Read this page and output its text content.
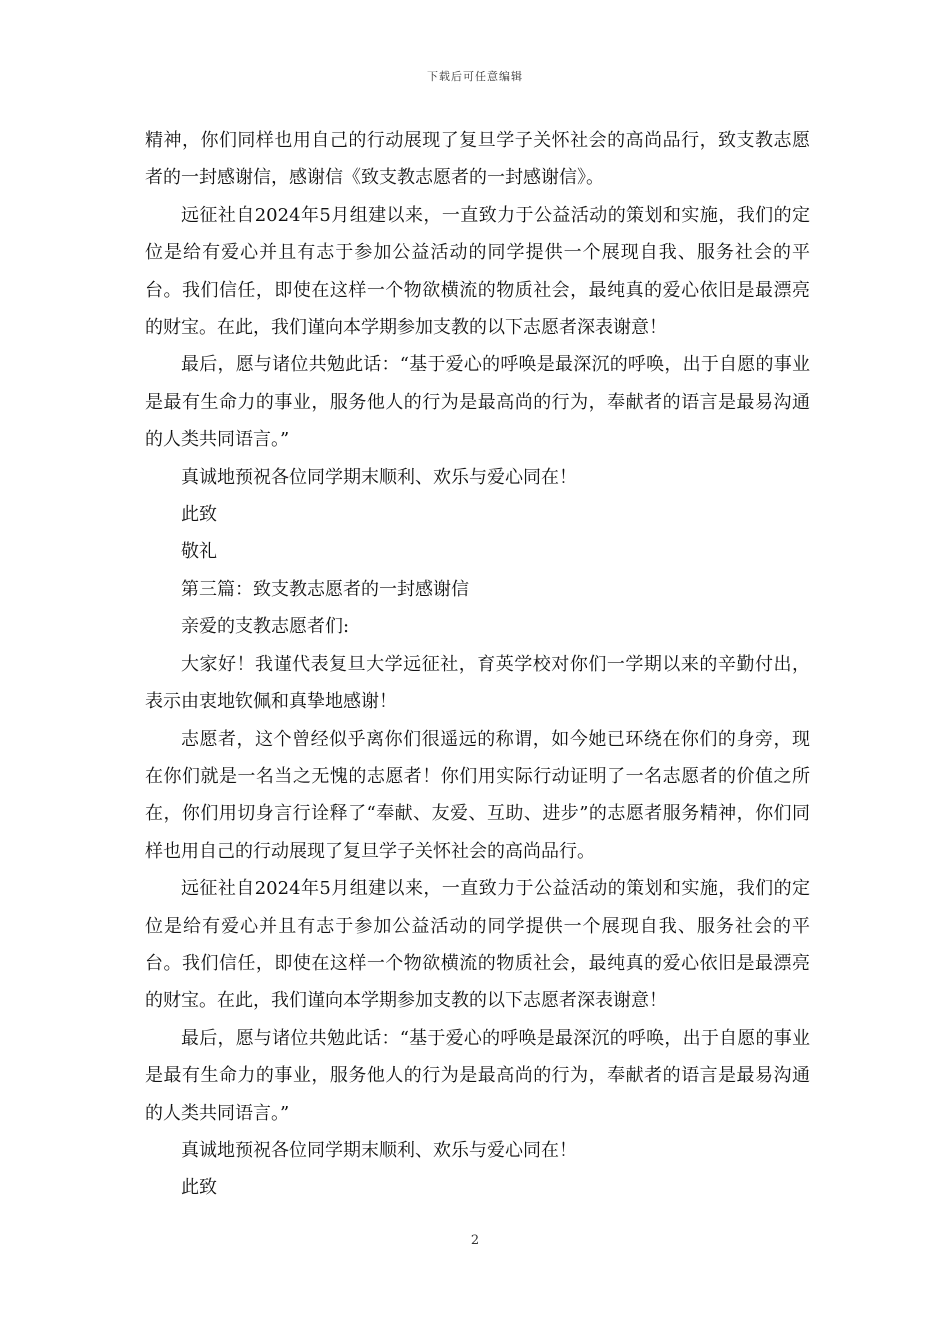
下载后可任意编辑

精神，你们同样也用自己的行动展现了复旦学子关怀社会的高尚品行，致支教志愿者的一封感谢信，感谢信《致支教志愿者的一封感谢信》。

远征社自2024年5月组建以来，一直致力于公益活动的策划和实施，我们的定位是给有爱心并且有志于参加公益活动的同学提供一个展现自我、服务社会的平台。我们信任，即使在这样一个物欲横流的物质社会，最纯真的爱心依旧是最漂亮的财宝。在此，我们谨向本学期参加支教的以下志愿者深表谢意！

最后，愿与诸位共勉此话：“基于爱心的呼唤是最深沉的呼唤，出于自愿的事业是最有生命力的事业，服务他人的行为是最高尚的行为，奉献者的语言是最易沟通的人类共同语言。”

真诚地预祝各位同学期末顺利、欢乐与爱心同在！

此致

敬礼

第三篇：致支教志愿者的一封感谢信

亲爱的支教志愿者们:

大家好！我谨代表复旦大学远征社，育英学校对你们一学期以来的辛勤付出，表示由衷地钦佩和真挚地感谢！

志愿者，这个曾经似乎离你们很遥远的称谓，如今她已环绕在你们的身旁，现在你们就是一名当之无愧的志愿者！你们用实际行动证明了一名志愿者的价值之所在，你们用切身言行诠释了“奉献、友爱、互助、进步”的志愿者服务精神，你们同样也用自己的行动展现了复旦学子关怀社会的高尚品行。

远征社自2024年5月组建以来，一直致力于公益活动的策划和实施，我们的定位是给有爱心并且有志于参加公益活动的同学提供一个展现自我、服务社会的平台。我们信任，即使在这样一个物欲横流的物质社会，最纯真的爱心依旧是最漂亮的财宝。在此，我们谨向本学期参加支教的以下志愿者深表谢意！

最后，愿与诸位共勉此话：“基于爱心的呼唤是最深沉的呼唤，出于自愿的事业是最有生命力的事业，服务他人的行为是最高尚的行为，奉献者的语言是最易沟通的人类共同语言。”

真诚地预祝各位同学期末顺利、欢乐与爱心同在！

此致

2
